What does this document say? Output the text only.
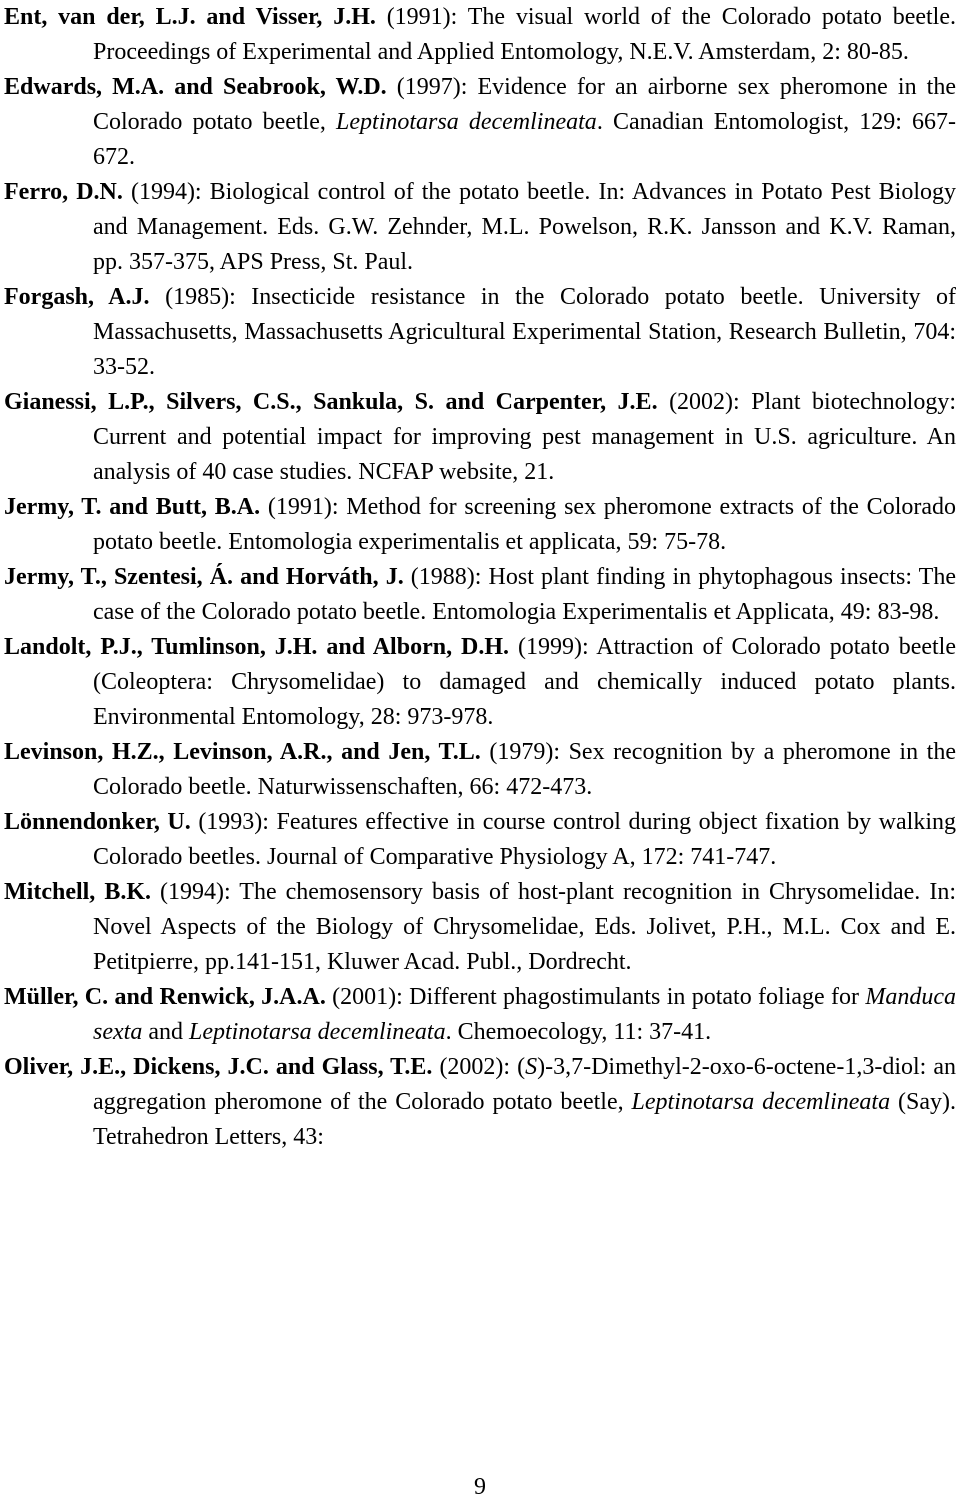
Ent, van der, L.J. and Visser, J.H. (1991): The visual world of the Colorado potato beetle. Proceedings of Experimental and Applied Entomology, N.E.V. Amsterdam, 2: 80-85.
Edwards, M.A. and Seabrook, W.D. (1997): Evidence for an airborne sex pheromone in the Colorado potato beetle, Leptinotarsa decemlineata. Canadian Entomologist, 129: 667-672.
Ferro, D.N. (1994): Biological control of the potato beetle. In: Advances in Potato Pest Biology and Management. Eds. G.W. Zehnder, M.L. Powelson, R.K. Jansson and K.V. Raman, pp. 357-375, APS Press, St. Paul.
Forgash, A.J. (1985): Insecticide resistance in the Colorado potato beetle. University of Massachusetts, Massachusetts Agricultural Experimental Station, Research Bulletin, 704: 33-52.
Gianessi, L.P., Silvers, C.S., Sankula, S. and Carpenter, J.E. (2002): Plant biotechnology: Current and potential impact for improving pest management in U.S. agriculture. An analysis of 40 case studies. NCFAP website, 21.
Jermy, T. and Butt, B.A. (1991): Method for screening sex pheromone extracts of the Colorado potato beetle. Entomologia experimentalis et applicata, 59: 75-78.
Jermy, T., Szentesi, Á. and Horváth, J. (1988): Host plant finding in phytophagous insects: The case of the Colorado potato beetle. Entomologia Experimentalis et Applicata, 49: 83-98.
Landolt, P.J., Tumlinson, J.H. and Alborn, D.H. (1999): Attraction of Colorado potato beetle (Coleoptera: Chrysomelidae) to damaged and chemically induced potato plants. Environmental Entomology, 28: 973-978.
Levinson, H.Z., Levinson, A.R., and Jen, T.L. (1979): Sex recognition by a pheromone in the Colorado beetle. Naturwissenschaften, 66: 472-473.
Lönnendonker, U. (1993): Features effective in course control during object fixation by walking Colorado beetles. Journal of Comparative Physiology A, 172: 741-747.
Mitchell, B.K. (1994): The chemosensory basis of host-plant recognition in Chrysomelidae. In: Novel Aspects of the Biology of Chrysomelidae, Eds. Jolivet, P.H., M.L. Cox and E. Petitpierre, pp.141-151, Kluwer Acad. Publ., Dordrecht.
Müller, C. and Renwick, J.A.A. (2001): Different phagostimulants in potato foliage for Manduca sexta and Leptinotarsa decemlineata. Chemoecology, 11: 37-41.
Oliver, J.E., Dickens, J.C. and Glass, T.E. (2002): (S)-3,7-Dimethyl-2-oxo-6-octene-1,3-diol: an aggregation pheromone of the Colorado potato beetle, Leptinotarsa decemlineata (Say). Tetrahedron Letters, 43:
9
